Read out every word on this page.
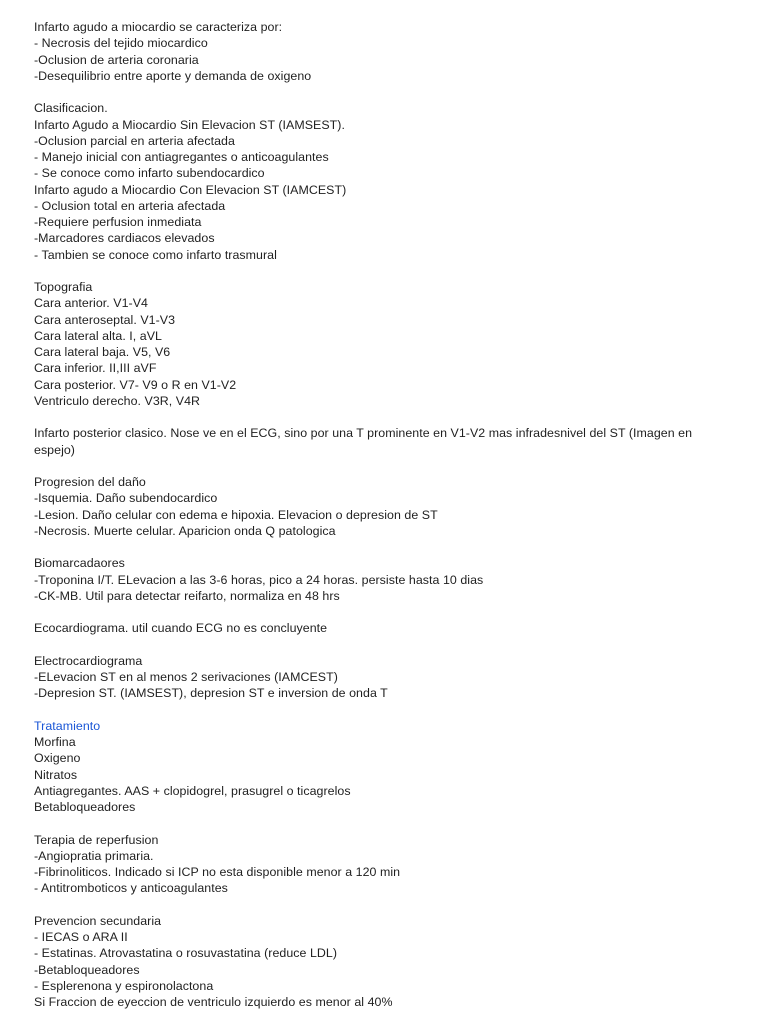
Infarto agudo a miocardio se caracteriza por:
- Necrosis del tejido miocardico
-Oclusion de arteria coronaria
-Desequilibrio entre aporte y demanda de oxigeno
Clasificacion.
Infarto Agudo a Miocardio Sin Elevacion ST (IAMSEST).
-Oclusion parcial en arteria afectada
- Manejo inicial con antiagregantes o anticoagulantes
- Se conoce como infarto subendocardico
Infarto agudo a Miocardio Con Elevacion ST (IAMCEST)
- Oclusion total en arteria afectada
-Requiere perfusion inmediata
-Marcadores cardiacos elevados
- Tambien se conoce como infarto trasmural
Topografia
Cara anterior. V1-V4
Cara anteroseptal. V1-V3
Cara lateral alta. I, aVL
Cara lateral baja. V5, V6
Cara inferior. II,III aVF
Cara posterior. V7- V9 o R en V1-V2
Ventriculo derecho. V3R, V4R
Infarto posterior clasico. Nose ve en el ECG, sino por una T prominente en V1-V2 mas infradesnivel del ST (Imagen en
espejo)
Progresion del daño
-Isquemia. Daño subendocardico
-Lesion. Daño celular con edema e hipoxia. Elevacion o depresion de ST
-Necrosis. Muerte celular. Aparicion onda Q patologica
Biomarcadaores
-Troponina I/T. ELevacion a las 3-6 horas, pico a 24 horas. persiste hasta 10 dias
-CK-MB. Util para detectar reifarto, normaliza en 48 hrs
Ecocardiograma. util cuando ECG no es concluyente
Electrocardiograma
-ELevacion ST en al menos 2 serivaciones (IAMCEST)
-Depresion ST. (IAMSEST), depresion ST e inversion de onda T
Tratamiento
Morfina
Oxigeno
Nitratos
Antiagregantes. AAS + clopidogrel, prasugrel o ticagrelos
Betabloqueadores
Terapia de reperfusion
-Angiopratia primaria.
-Fibrinoliticos. Indicado si ICP no esta disponible menor a 120 min
- Antitromboticos y anticoagulantes
Prevencion secundaria
- IECAS o ARA II
- Estatinas. Atrovastatina o rosuvastatina (reduce LDL)
-Betabloqueadores
- Esplerenona y espironolactona
Si Fraccion de eyeccion de ventriculo izquierdo es menor al 40%
